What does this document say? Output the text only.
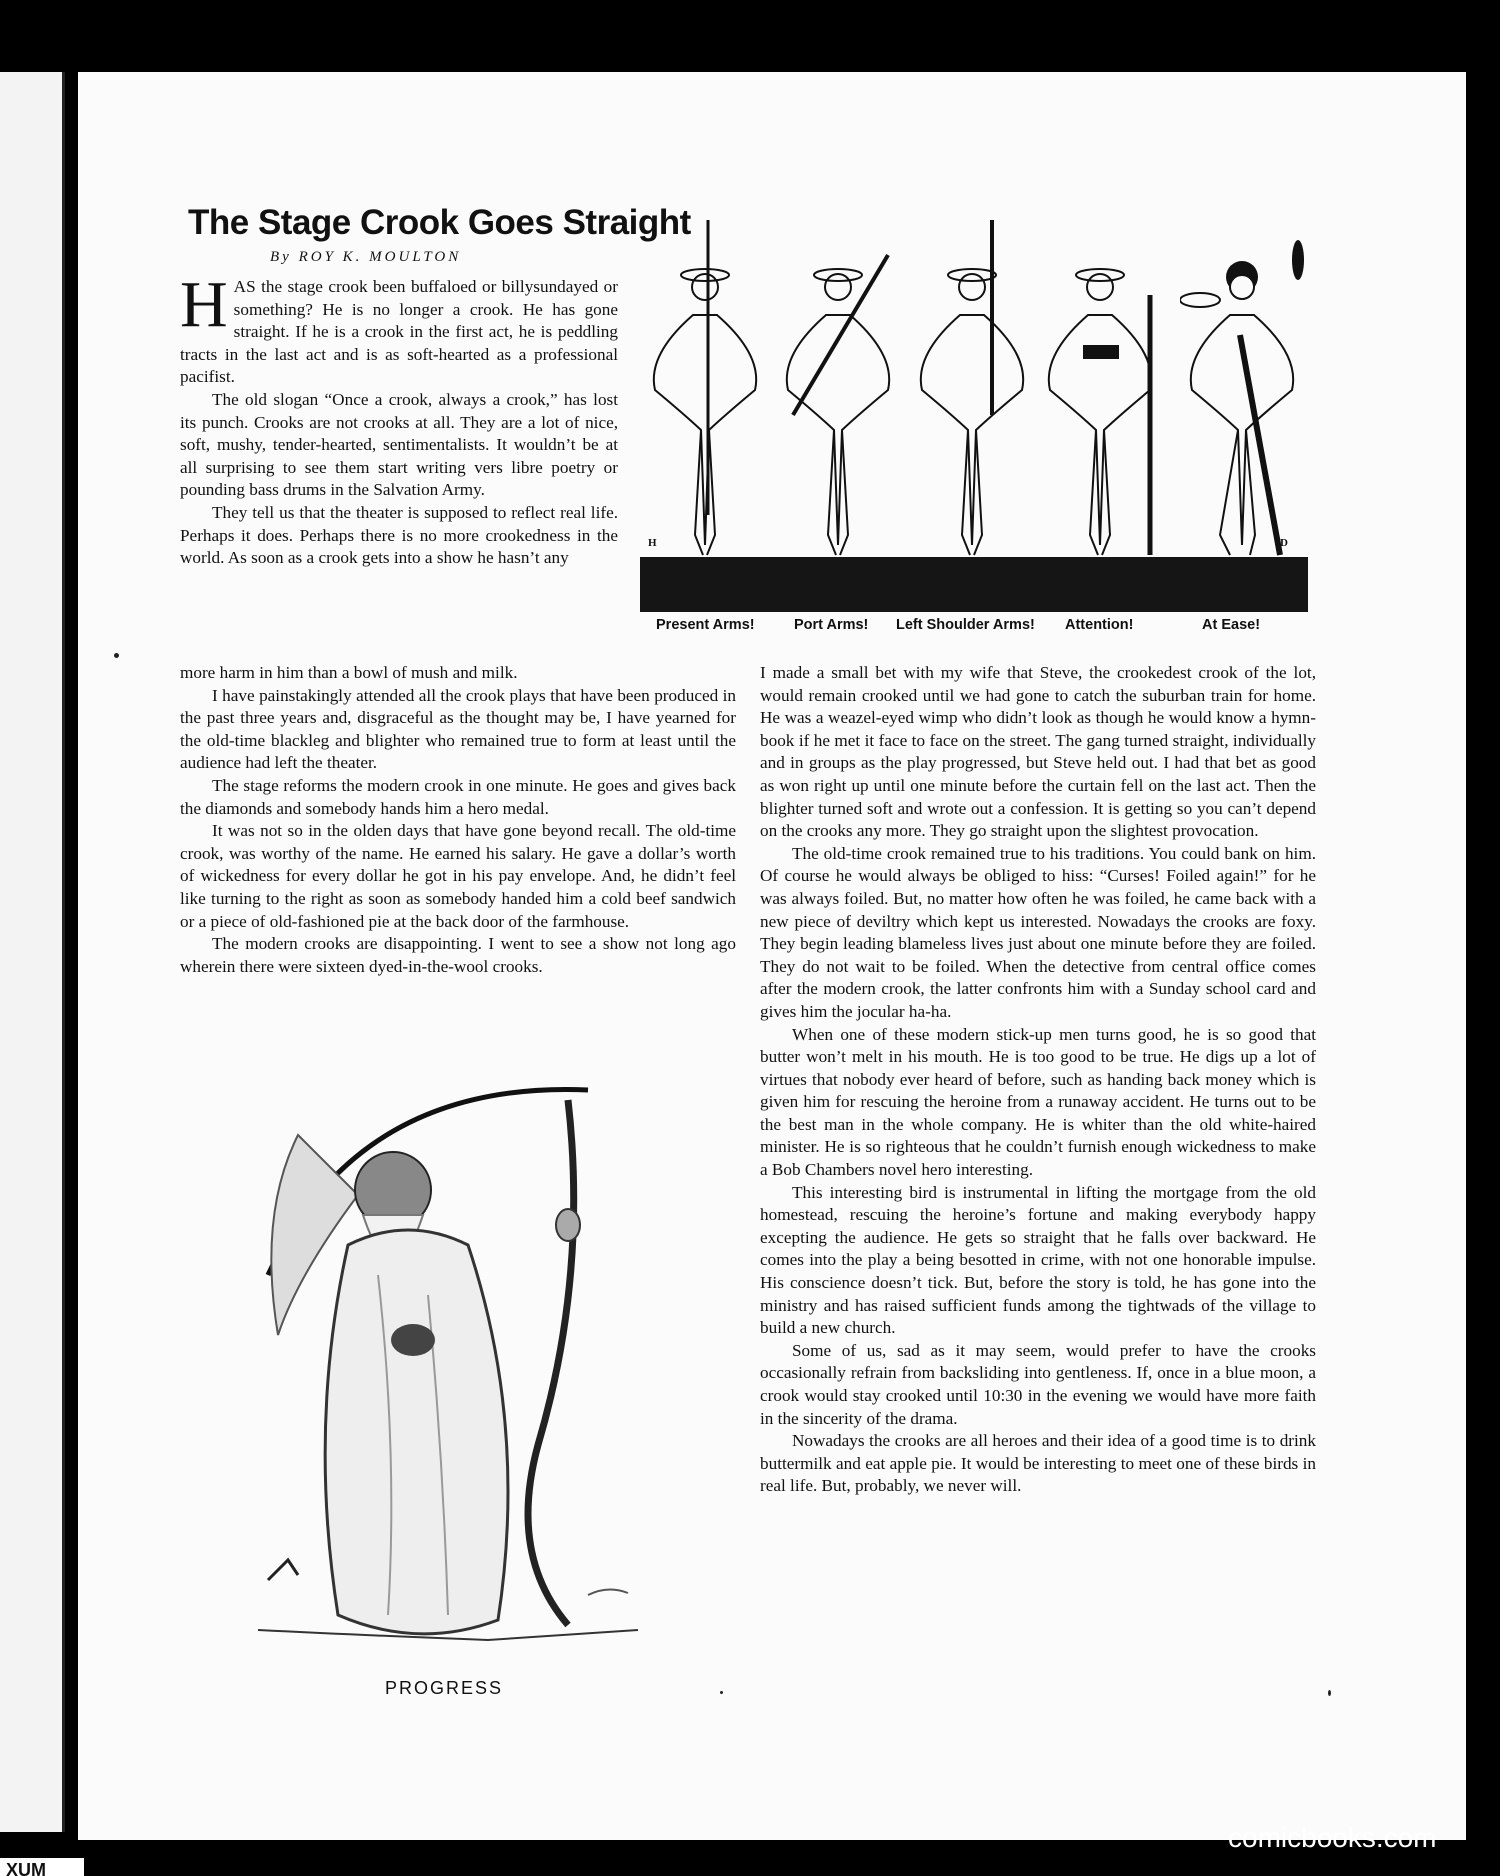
The Stage Crook Goes Straight
By ROY K. MOULTON

HAS the stage crook been buffaloed or billysundayed or something? He is no longer a crook. He has gone straight. If he is a crook in the first act, he is peddling tracts in the last act and is as soft-hearted as a professional pacifist.

The old slogan “Once a crook, always a crook,” has lost its punch. Crooks are not crooks at all. They are a lot of nice, soft, mushy, tender-hearted, sentimentalists. It wouldn’t be at all surprising to see them start writing vers libre poetry or pounding bass drums in the Salvation Army.

They tell us that the theater is supposed to reflect real life. Perhaps it does. Perhaps there is no more crookedness in the world. As soon as a crook gets into a show he hasn’t any

more harm in him than a bowl of mush and milk.

I have painstakingly attended all the crook plays that have been produced in the past three years and, disgraceful as the thought may be, I have yearned for the old-time blackleg and blighter who remained true to form at least until the audience had left the theater.

The stage reforms the modern crook in one minute. He goes and gives back the diamonds and somebody hands him a hero medal.

It was not so in the olden days that have gone beyond recall. The old-time crook, was worthy of the name. He earned his salary. He gave a dollar’s worth of wickedness for every dollar he got in his pay envelope. And, he didn’t feel like turning to the right as soon as somebody handed him a cold beef sandwich or a piece of old-fashioned pie at the back door of the farmhouse.

The modern crooks are disappointing. I went to see a show not long ago wherein there were sixteen dyed-in-the-wool crooks.

I made a small bet with my wife that Steve, the crookedest crook of the lot, would remain crooked until we had gone to catch the suburban train for home. He was a weazel-eyed wimp who didn’t look as though he would know a hymn-book if he met it face to face on the street. The gang turned straight, individually and in groups as the play progressed, but Steve held out. I had that bet as good as won right up until one minute before the curtain fell on the last act. Then the blighter turned soft and wrote out a confession. It is getting so you can’t depend on the crooks any more. They go straight upon the slightest provocation.

The old-time crook remained true to his traditions. You could bank on him. Of course he would always be obliged to hiss: “Curses! Foiled again!” for he was always foiled. But, no matter how often he was foiled, he came back with a new piece of deviltry which kept us interested. Nowadays the crooks are foxy. They begin leading blameless lives just about one minute before they are foiled. They do not wait to be foiled. When the detective from central office comes after the modern crook, the latter confronts him with a Sunday school card and gives him the jocular ha-ha.

When one of these modern stick-up men turns good, he is so good that butter won’t melt in his mouth. He is too good to be true. He digs up a lot of virtues that nobody ever heard of before, such as handing back money which is given him for rescuing the heroine from a runaway accident. He turns out to be the best man in the whole company. He is whiter than the old white-haired minister. He is so righteous that he couldn’t furnish enough wickedness to make a Bob Chambers novel hero interesting.

This interesting bird is instrumental in lifting the mortgage from the old homestead, rescuing the heroine’s fortune and making everybody happy excepting the audience. He gets so straight that he falls over backward. He comes into the play a being besotted in crime, with not one honorable impulse. His conscience doesn’t tick. But, before the story is told, he has gone into the ministry and has raised sufficient funds among the tightwads of the village to build a new church.

Some of us, sad as it may seem, would prefer to have the crooks occasionally refrain from backsliding into gentleness. If, once in a blue moon, a crook would stay crooked until 10:30 in the evening we would have more faith in the sincerity of the drama.

Nowadays the crooks are all heroes and their idea of a good time is to drink buttermilk and eat apple pie. It would be interesting to meet one of these birds in real life. But, probably, we never will.

H	D
Present Arms!	Port Arms! Left Shoulder Arms! Attention!	At Ease!
PROGRESS
comicbooks.com
XUM
